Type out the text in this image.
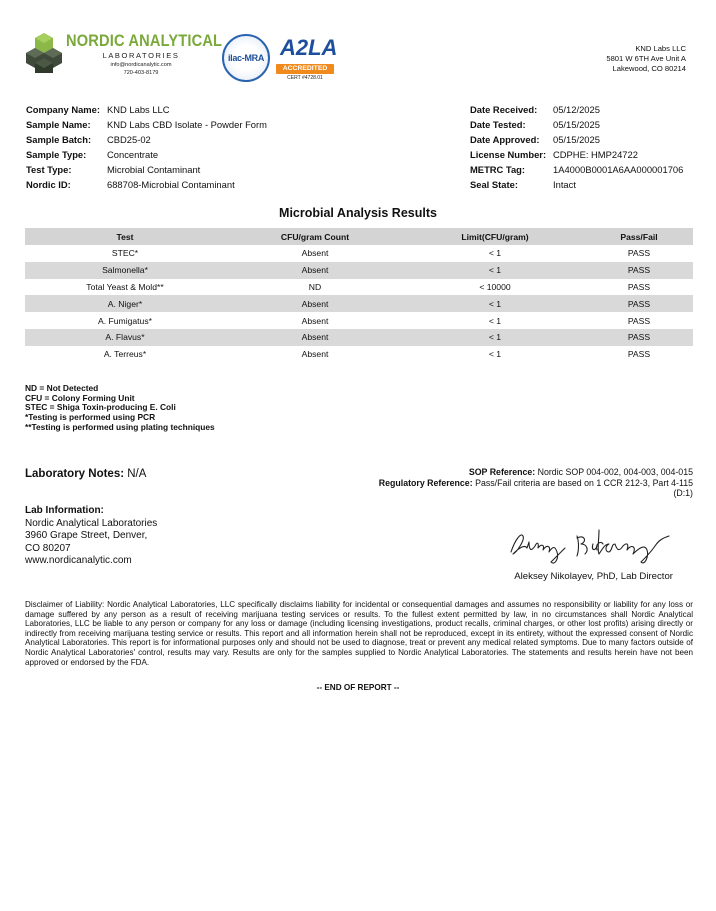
NORDIC ANALYTICAL
LABORATORIES
info@nordicanalytic.com
720-403-8179
ilac-MRA A2LA
ACCREDITED
CERT #4728.01
KND Labs LLC
5801 W 6TH Ave Unit A
Lakewood, CO 80214
Company Name: KND Labs LLC
Sample Name:	KND Labs CBD Isolate - Powder Form
Sample Batch:	CBD25-02
Sample Type:	Concentrate
Test Type:	Microbial Contaminant
Nordic ID:	688708-Microbial Contaminant
Date Received:	05/12/2025
Date Tested:	05/15/2025
Date Approved:	05/15/2025
License Number: CDPHE: HMP24722
METRC Tag:	1A4000B0001A6AA000001706
Seal State:	Intact
Microbial Analysis Results
Test	CFU/gram Count	Limit(CFU/gram)	Pass/Fail
STEC*	Absent	< 1	PASS
Salmonella*	Absent	< 1	PASS
Total Yeast & Mold**	ND	< 10000	PASS
A. Niger*	Absent	< 1	PASS
A. Fumigatus*	Absent	< 1	PASS
A. Flavus*	Absent	< 1	PASS
A. Terreus*	Absent	< 1	PASS
ND = Not Detected
CFU = Colony Forming Unit
STEC = Shiga Toxin-producing E. Coli
*Testing is performed using PCR
**Testing is performed using plating techniques
Laboratory Notes: N/A	SOP Reference: Nordic SOP 004-002, 004-003, 004-015
Regulatory Reference: Pass/Fail criteria are based on 1 CCR 212-3, Part 4-115
(D:1)
Lab Information:
Nordic Analytical Laboratories
3960 Grape Street, Denver,
CO 80207
www.nordicanalytic.com
Aleksey Nikolayev, PhD, Lab Director
Disclaimer of Liability: Nordic Analytical Laboratories, LLC specifically disclaims liability for incidental or consequential damages and assumes no responsibility or liability for any loss or damage suffered by any person as a result of receiving marijuana testing services or results. To the fullest extent permitted by law, in no circumstances shall Nordic Analytical Laboratories, LLC be liable to any person or company for any loss or damage (including licensing investigations, product recalls, criminal charges, or other lost profits) arising directly or indirectly from receiving marijuana testing service or results. This report and all information herein shall not be reproduced, except in its entirety, without the expressed consent of Nordic Analytical Laboratories. This report is for informational purposes only and should not be used to diagnose, treat or prevent any medical related symptoms. Due to many factors outside of Nordic Analytical Laboratories' control, results may vary. Results are only for the samples supplied to Nordic Analytical Laboratories. The statements and results herein have not been approved or endorsed by the FDA.
-- END OF REPORT --
